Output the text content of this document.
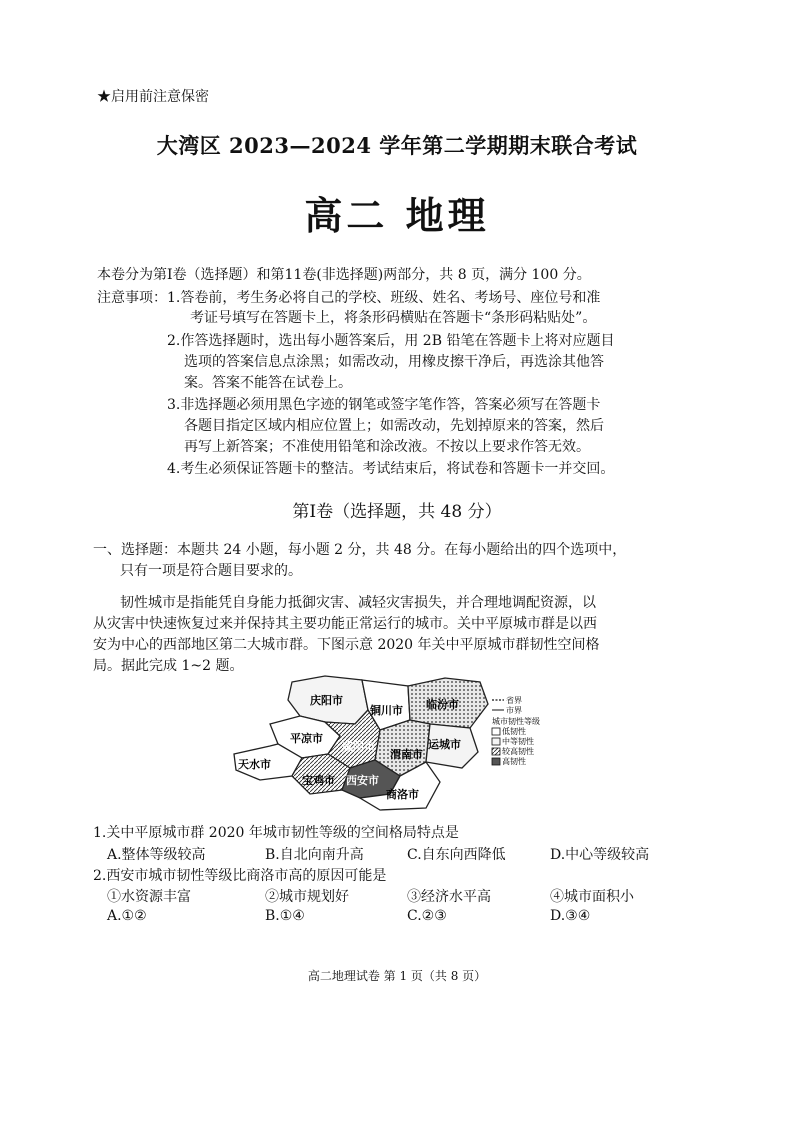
★启用前注意保密
大湾区 2023—2024 学年第二学期期末联合考试
高二 地理
本卷分为第Ⅰ卷（选择题）和第11卷(非选择题)两部分，共 8 页，满分 100 分。
注意事项： 1.答卷前，考生务必将自己的学校、班级、姓名、考场号、座位号和准
考证号填写在答题卡上，将条形码横贴在答题卡“条形码粘贴处”。
2.作答选择题时，选出每小题答案后，用 2B 铅笔在答题卡上将对应题目
选项的答案信息点涂黑；如需改动，用橡皮擦干净后，再选涂其他答
案。答案不能答在试卷上。
3.非选择题必须用黑色字迹的钢笔或签字笔作答，答案必须写在答题卡
各题目指定区域内相应位置上；如需改动，先划掉原来的答案，然后
再写上新答案；不准使用铅笔和涂改液。不按以上要求作答无效。
4.考生必须保证答题卡的整洁。考试结束后，将试卷和答题卡一并交回。
第Ⅰ卷（选择题，共 48 分）
一、选择题：本题共 24 小题，每小题 2 分，共 48 分。在每小题给出的四个选项中，
只有一项是符合题目要求的。
韧性城市是指能凭自身能力抵御灾害、减轻灾害损失，并合理地调配资源，以
从灾害中快速恢复过来并保持其主要功能正常运行的城市。关中平原城市群是以西
安为中心的西部地区第二大城市群。下图示意 2020 年关中平原城市群韧性空间格
局。据此完成 1~2 题。
庆阳市
铜川市 临汾市
平凉市
咸阳市
渭南市
运城市
天水市
宝鸡市 西安市
商洛市
省界
市界
城市韧性等级
低韧性
中等韧性
较高韧性
高韧性
1.关中平原城市群 2020 年城市韧性等级的空间格局特点是
A.整体等级较高	B.自北向南升高	C.自东向西降低	D.中心等级较高
2.西安市城市韧性等级比商洛市高的原因可能是
①水资源丰富	②城市规划好	③经济水平高	④城市面积小
A.①②	B.①④	C.②③	D.③④
高二地理试卷 第 1 页（共 8 页）
